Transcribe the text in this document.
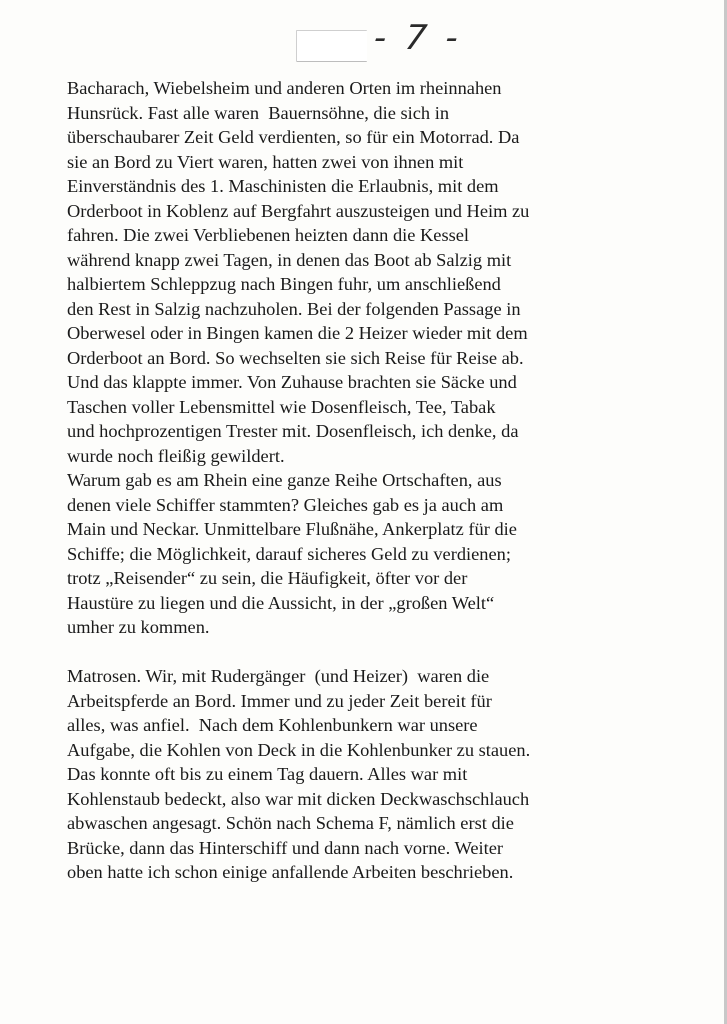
- 7 -

Bacharach, Wiebelsheim und anderen Orten im rheinnahen

Hunsrück. Fast alle waren  Bauernsöhne, die sich in

überschaubarer Zeit Geld verdienten, so für ein Motorrad. Da

sie an Bord zu Viert waren, hatten zwei von ihnen mit

Einverständnis des 1. Maschinisten die Erlaubnis, mit dem

Orderboot in Koblenz auf Bergfahrt auszusteigen und Heim zu

fahren. Die zwei Verbliebenen heizten dann die Kessel

während knapp zwei Tagen, in denen das Boot ab Salzig mit

halbiertem Schleppzug nach Bingen fuhr, um anschließend

den Rest in Salzig nachzuholen. Bei der folgenden Passage in

Oberwesel oder in Bingen kamen die 2 Heizer wieder mit dem

Orderboot an Bord. So wechselten sie sich Reise für Reise ab.

Und das klappte immer. Von Zuhause brachten sie Säcke und

Taschen voller Lebensmittel wie Dosenfleisch, Tee, Tabak

und hochprozentigen Trester mit. Dosenfleisch, ich denke, da

wurde noch fleißig gewildert.

Warum gab es am Rhein eine ganze Reihe Ortschaften, aus

denen viele Schiffer stammten? Gleiches gab es ja auch am

Main und Neckar. Unmittelbare Flußnähe, Ankerplatz für die

Schiffe; die Möglichkeit, darauf sicheres Geld zu verdienen;

trotz „Reisender“ zu sein, die Häufigkeit, öfter vor der

Haustüre zu liegen und die Aussicht, in der „großen Welt“

umher zu kommen.

Matrosen. Wir, mit Rudergänger  (und Heizer)  waren die

Arbeitspferde an Bord. Immer und zu jeder Zeit bereit für

alles, was anfiel.  Nach dem Kohlenbunkern war unsere

Aufgabe, die Kohlen von Deck in die Kohlenbunker zu stauen.

Das konnte oft bis zu einem Tag dauern. Alles war mit

Kohlenstaub bedeckt, also war mit dicken Deckwaschschlauch

abwaschen angesagt. Schön nach Schema F, nämlich erst die

Brücke, dann das Hinterschiff und dann nach vorne. Weiter

oben hatte ich schon einige anfallende Arbeiten beschrieben.
